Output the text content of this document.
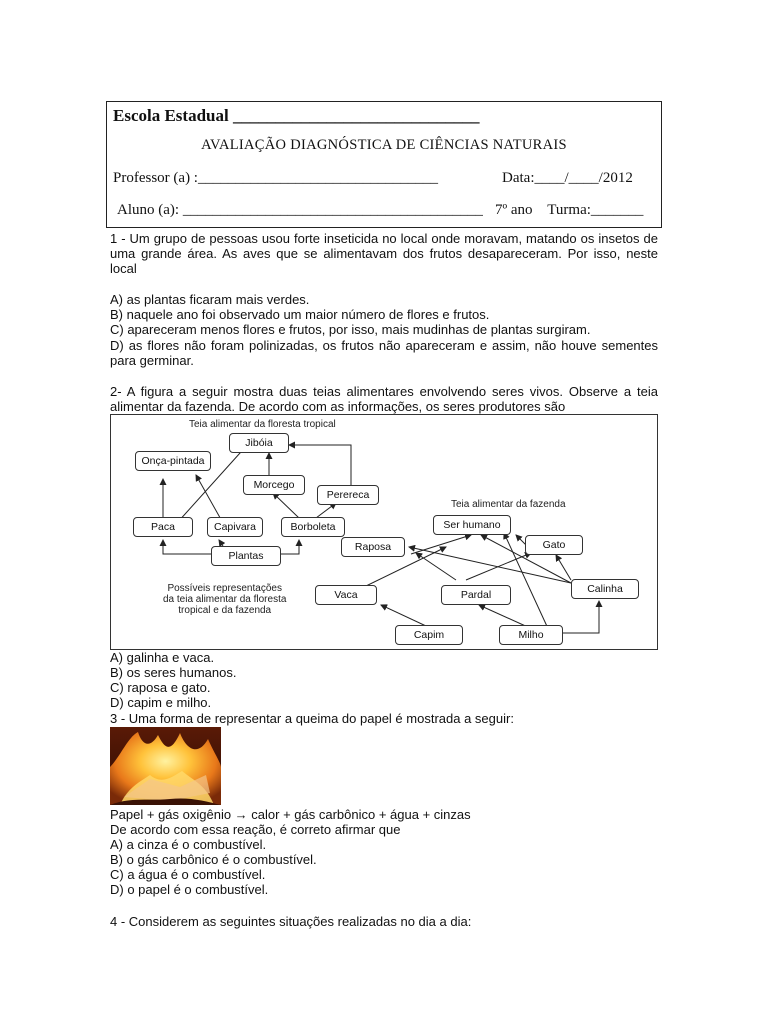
Escola Estadual _____________________________
AVALIAÇÃO DIAGNÓSTICA DE CIÊNCIAS NATURAIS
Professor (a) :________________________________	Data:____/____/2012
Aluno (a): ________________________________________ 7º ano    Turma:_______
1 - Um grupo de pessoas usou forte inseticida no local onde moravam, matando os insetos de uma grande área. As aves que se alimentavam dos frutos desapareceram. Por isso, neste local
A) as plantas ficaram mais verdes.
B) naquele ano foi observado um maior número de flores e frutos.
C) apareceram menos flores e frutos, por isso, mais mudinhas de plantas surgiram.
D) as flores não foram polinizadas, os frutos não apareceram e assim, não houve sementes para germinar.
2- A figura a seguir mostra duas teias alimentares envolvendo seres vivos. Observe a teia alimentar da fazenda. De acordo com as informações, os seres produtores são
Teia alimentar da floresta tropical
Teia alimentar da fazenda
Possíveis representações
da teia alimentar da floresta
tropical e da fazenda
Jibóia
Onça-pintada
Morcego
Perereca
Paca	Capivara	Borboleta
Plantas
Ser humano
Raposa	Gato
Vaca	Pardal	Calinha
Capim	Milho
A) galinha e vaca.
B) os seres humanos.
C) raposa e gato.
D) capim e milho.
3 - Uma forma de representar a queima do papel é mostrada a seguir:
Papel + gás oxigênio → calor + gás carbônico + água + cinzas
De acordo com essa reação, é correto afirmar que
A) a cinza é o combustível.
B) o gás carbônico é o combustível.
C) a água é o combustível.
D) o papel é o combustível.
4 - Considerem as seguintes situações realizadas no dia a dia:
